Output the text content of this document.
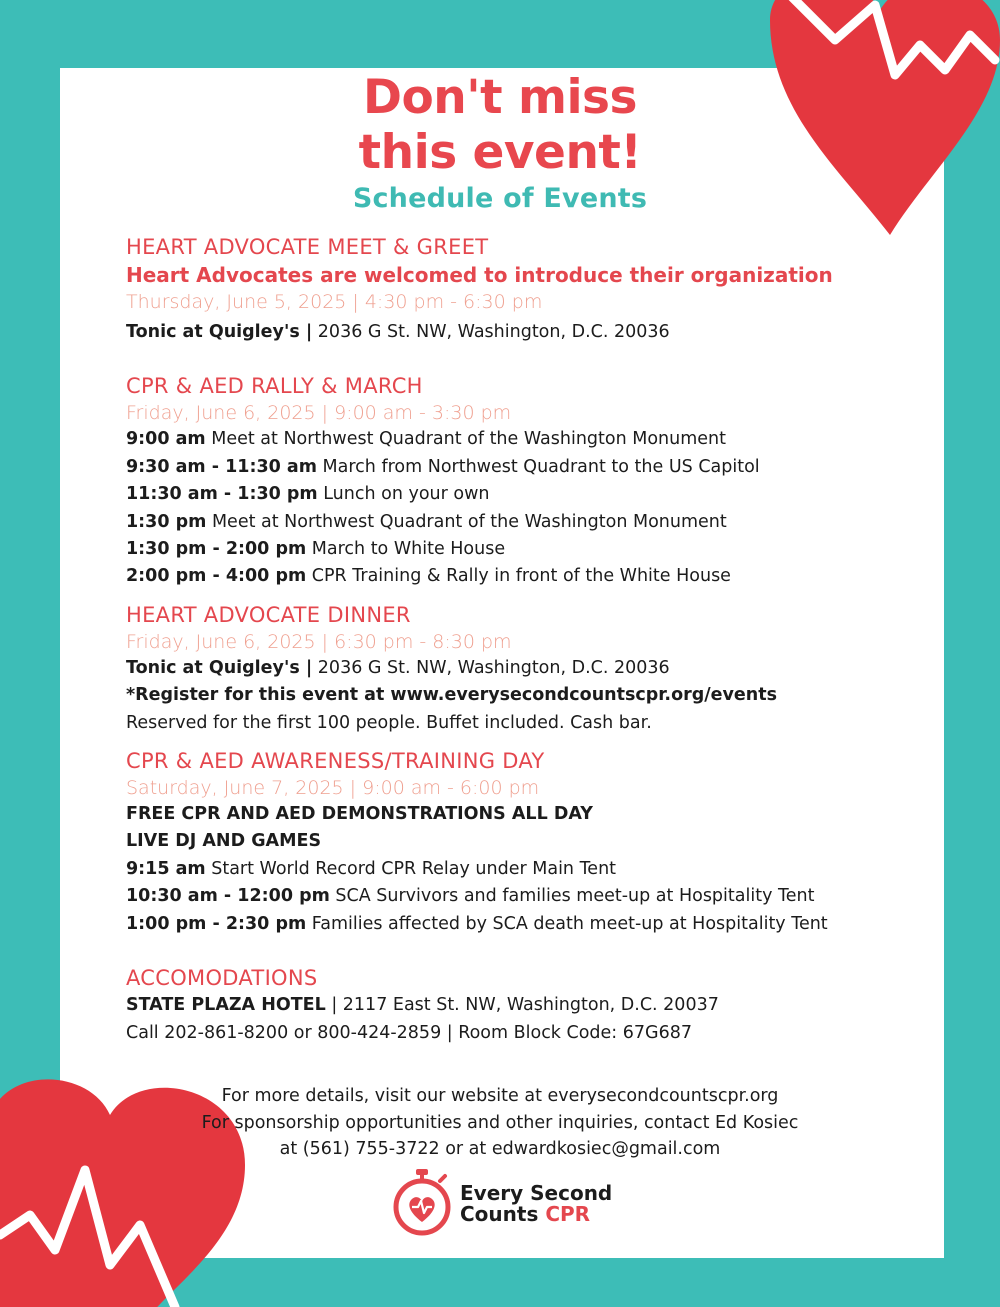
Don't miss
this event!
Schedule of Events
HEART ADVOCATE MEET & GREET
Heart Advocates are welcomed to introduce their organization
Thursday, June 5, 2025 | 4:30 pm - 6:30 pm
Tonic at Quigley's | 2036 G St. NW, Washington, D.C. 20036
CPR & AED RALLY & MARCH
Friday, June 6, 2025 | 9:00 am - 3:30 pm
9:00 am Meet at Northwest Quadrant of the Washington Monument
9:30 am - 11:30 am March from Northwest Quadrant to the US Capitol
11:30 am - 1:30 pm Lunch on your own
1:30 pm Meet at Northwest Quadrant of the Washington Monument
1:30 pm - 2:00 pm March to White House
2:00 pm - 4:00 pm CPR Training & Rally in front of the White House
HEART ADVOCATE DINNER
Friday, June 6, 2025 | 6:30 pm - 8:30 pm
Tonic at Quigley's | 2036 G St. NW, Washington, D.C. 20036
*Register for this event at www.everysecondcountscpr.org/events
Reserved for the first 100 people. Buffet included. Cash bar.
CPR & AED AWARENESS/TRAINING DAY
Saturday, June 7, 2025 | 9:00 am - 6:00 pm
FREE CPR AND AED DEMONSTRATIONS ALL DAY
LIVE DJ AND GAMES
9:15 am Start World Record CPR Relay under Main Tent
10:30 am - 12:00 pm SCA Survivors and families meet-up at Hospitality Tent
1:00 pm - 2:30 pm Families affected by SCA death meet-up at Hospitality Tent
ACCOMODATIONS
STATE PLAZA HOTEL | 2117 East St. NW, Washington, D.C. 20037
Call 202-861-8200 or 800-424-2859 | Room Block Code: 67G687
For more details, visit our website at everysecondcountscpr.org
For sponsorship opportunities and other inquiries, contact Ed Kosiec
at (561) 755-3722 or at edwardkosiec@gmail.com
Every Second
Counts CPR
